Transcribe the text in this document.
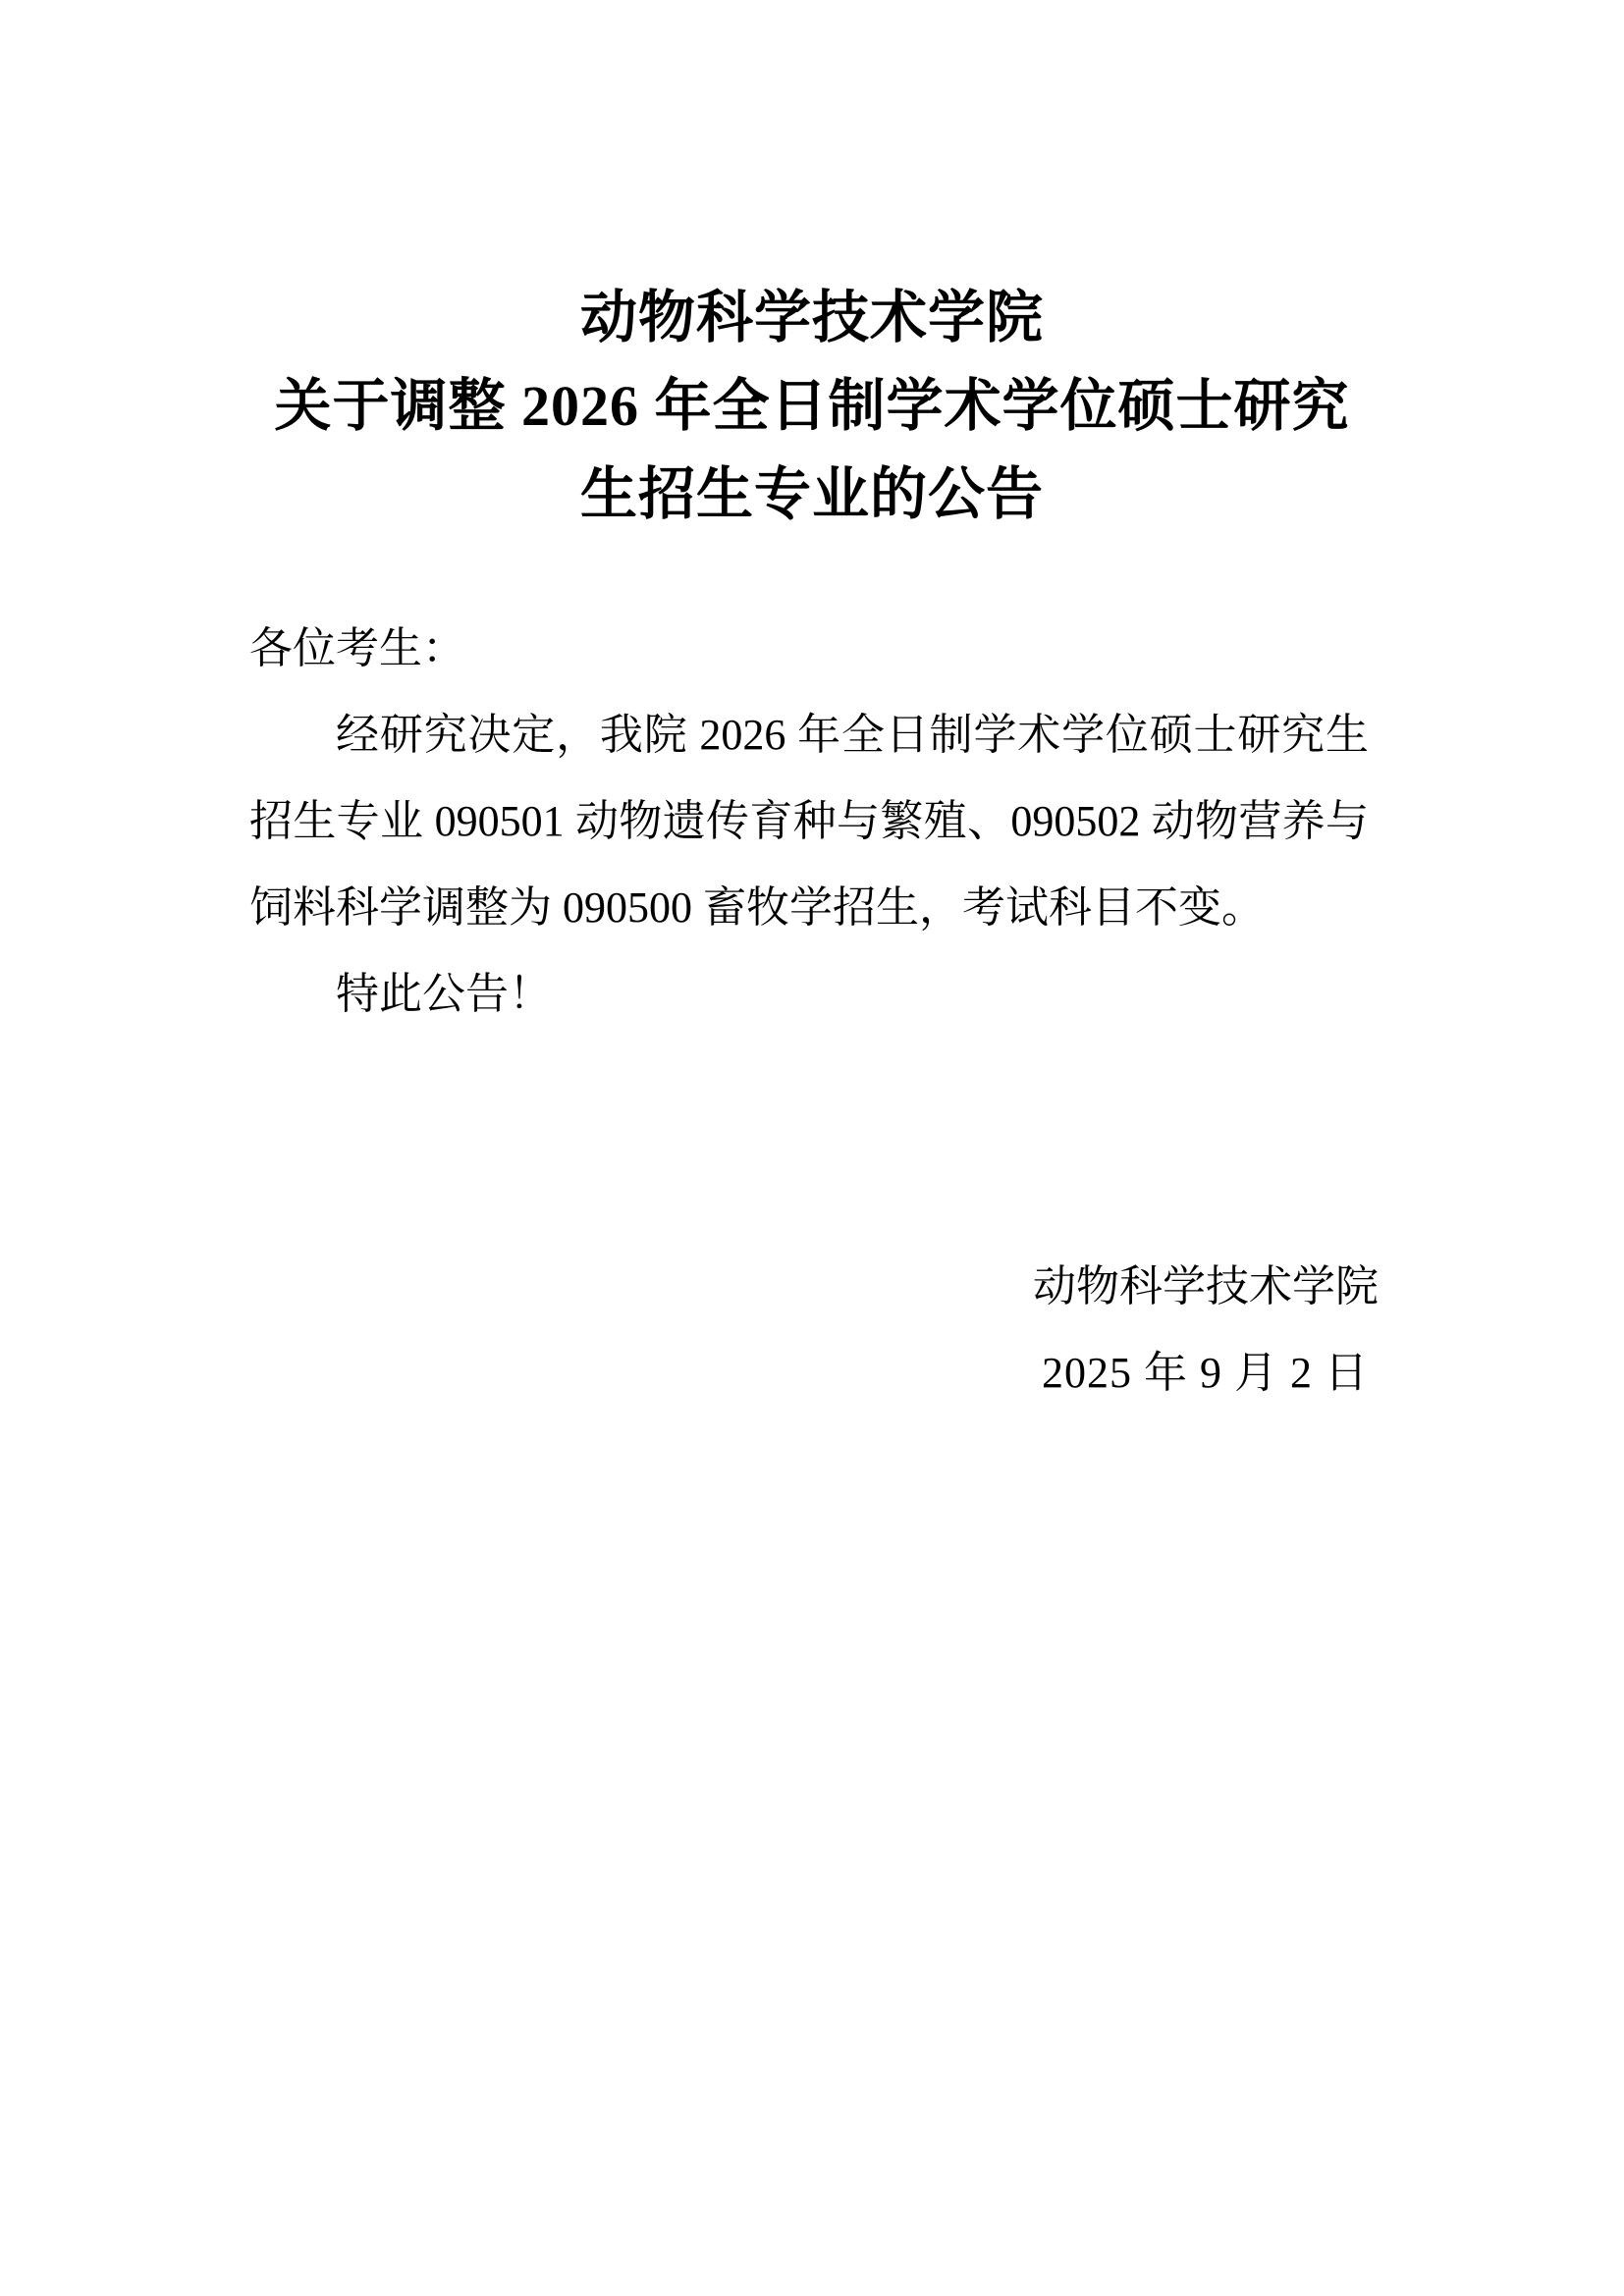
动物科学技术学院
关于调整 2026 年全日制学术学位硕士研究
生招生专业的公告
各位考生：
经研究决定，我院 2026 年全日制学术学位硕士研究生
招生专业 090501 动物遗传育种与繁殖、090502 动物营养与
饲料科学调整为 090500 畜牧学招生，考试科目不变。
特此公告！
动物科学技术学院
2025 年 9 月 2 日
